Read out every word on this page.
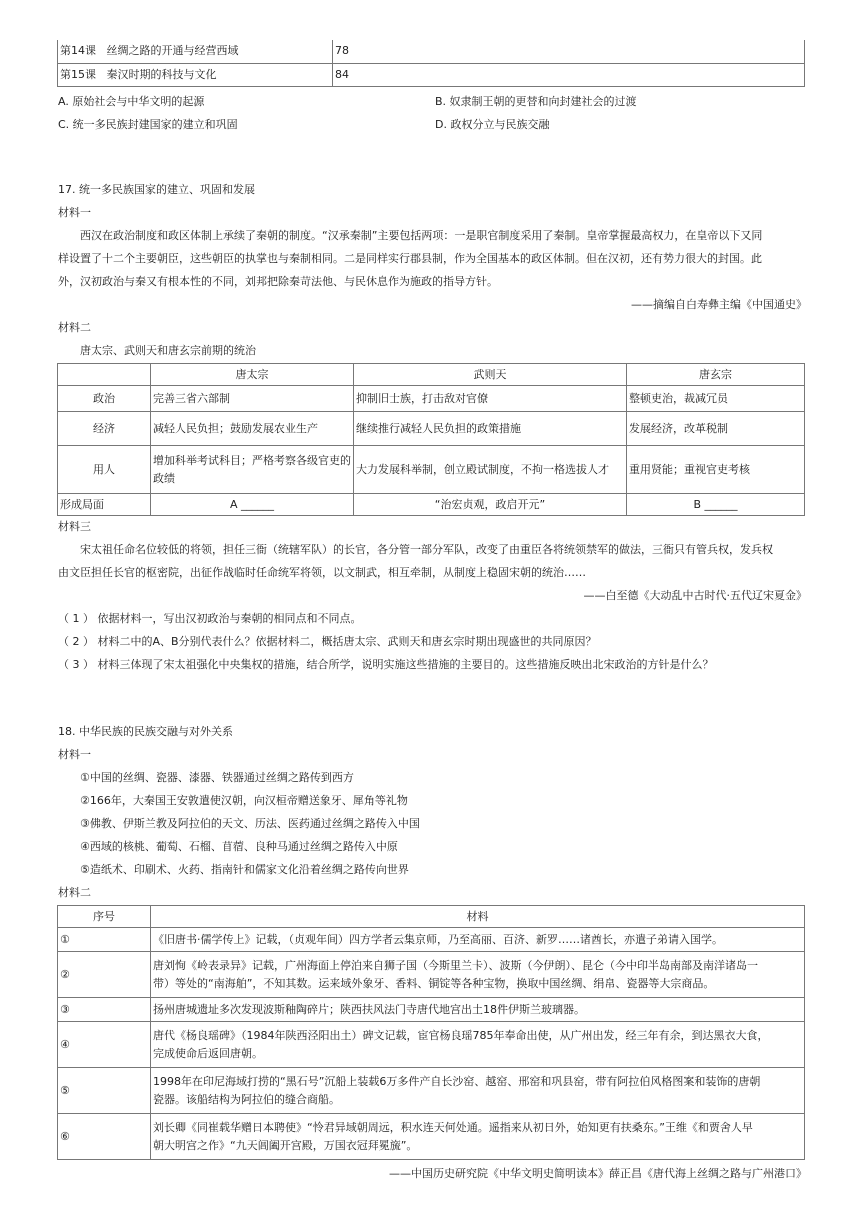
第14课 丝绸之路的开通与经营西域	78
第15课 秦汉时期的科技与文化	84
A. 原始社会与中华文明的起源	B. 奴隶制王朝的更替和向封建社会的过渡
C. 统一多民族封建国家的建立和巩固	D. 政权分立与民族交融
17. 统一多民族国家的建立、巩固和发展
材料一
西汉在政治制度和政区体制上承续了秦朝的制度。“汉承秦制”主要包括两项：一是职官制度采用了秦制。皇帝掌握最高权力，在皇帝以下又同
样设置了十二个主要朝臣，这些朝臣的执掌也与秦制相同。二是同样实行郡县制，作为全国基本的政区体制。但在汉初，还有势力很大的封国。此
外，汉初政治与秦又有根本性的不同，刘邦把除秦苛法他、与民休息作为施政的指导方针。
——摘编自白寿彝主编《中国通史》
材料二
唐太宗、武则天和唐玄宗前期的统治
	唐太宗	武则天	唐玄宗
政治	完善三省六部制	抑制旧士族，打击敌对官僚	整顿吏治，裁减冗员
经济	减轻人民负担；鼓励发展农业生产	继续推行减轻人民负担的政策措施	发展经济，改革税制
用人	增加科举考试科目；严格考察各级官吏的政绩	大力发展科举制，创立殿试制度，不拘一格选拔人才	重用贤能；重视官吏考核
形成局面	A ______	“治宏贞观，政启开元”	B ______
材料三
宋太祖任命名位较低的将领，担任三衙（统辖军队）的长官，各分管一部分军队，改变了由重臣各将统领禁军的做法，三衙只有管兵权，发兵权
由文臣担任长官的枢密院，出征作战临时任命统军将领，以文制武，相互牵制，从制度上稳固宋朝的统治……
——白至德《大动乱中古时代·五代辽宋夏金》
（ 1 ） 依据材料一，写出汉初政治与秦朝的相同点和不同点。
（ 2 ） 材料二中的A、B分别代表什么？依据材料二，概括唐太宗、武则天和唐玄宗时期出现盛世的共同原因？
（ 3 ） 材料三体现了宋太祖强化中央集权的措施，结合所学，说明实施这些措施的主要目的。这些措施反映出北宋政治的方针是什么？
18. 中华民族的民族交融与对外关系
材料一
①中国的丝绸、瓷器、漆器、铁器通过丝绸之路传到西方
②166年，大秦国王安敦遣使汉朝，向汉桓帝赠送象牙、犀角等礼物
③佛教、伊斯兰教及阿拉伯的天文、历法、医药通过丝绸之路传入中国
④西域的核桃、葡萄、石榴、苜蓿、良种马通过丝绸之路传入中原
⑤造纸术、印刷术、火药、指南针和儒家文化沿着丝绸之路传向世界
材料二
序号	材料
①	《旧唐书·儒学传上》记载，（贞观年间）四方学者云集京师，乃至高丽、百济、新罗……诸酋长，亦遣子弟请入国学。

②	唐刘恂《岭表录异》记载，广州海面上停泊来自狮子国（今斯里兰卡）、波斯（今伊朗）、昆仑（今中印半岛南部及南洋诸岛一
带）等处的“南海舶”，不知其数。运来域外象牙、香料、铜锭等各种宝物，换取中国丝绸、绢帛、瓷器等大宗商品。

③	扬州唐城遗址多次发现波斯釉陶碎片；陕西扶风法门寺唐代地宫出土18件伊斯兰玻璃器。

④	唐代《杨良瑶碑》（1984年陕西泾阳出土）碑文记载，宦官杨良瑶785年奉命出使，从广州出发，经三年有余，到达黑衣大食，
完成使命后返回唐朝。

⑤	1998年在印尼海域打捞的“黑石号”沉船上装载6万多件产自长沙窑、越窑、邢窑和巩县窑，带有阿拉伯风格图案和装饰的唐朝
瓷器。该船结构为阿拉伯的缝合商船。

⑥	刘长卿《同崔载华赠日本聘使》“怜君异域朝周远，积水连天何处通。遥指来从初日外，始知更有扶桑东。”王维《和贾舍人早
朝大明宫之作》“九天阊阖开宫殿，万国衣冠拜冕旒”。
——中国历史研究院《中华文明史简明读本》薛正昌《唐代海上丝绸之路与广州港口》
